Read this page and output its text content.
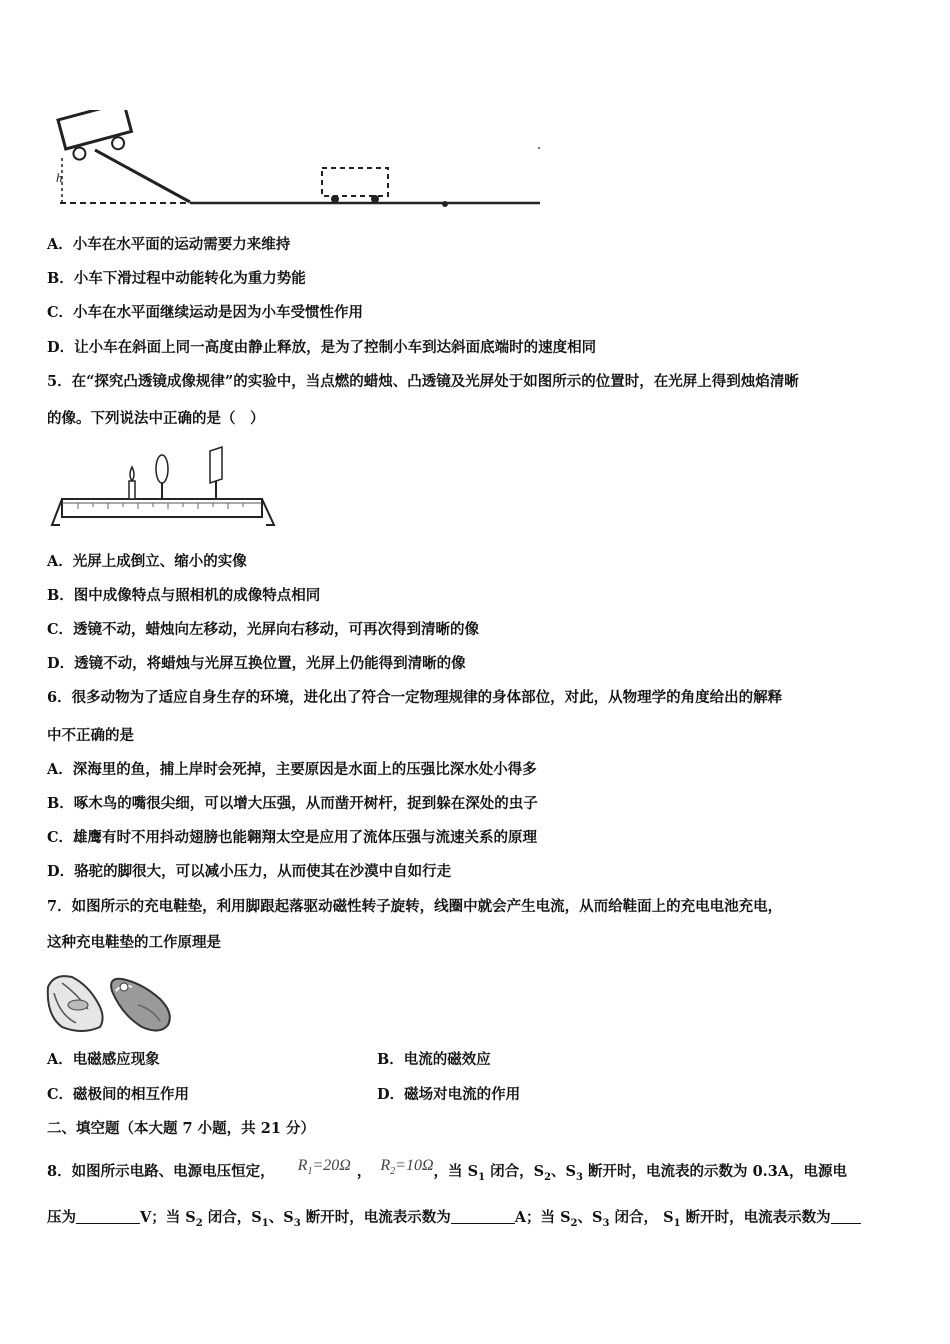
h
A．小车在水平面的运动需要力来维持
B．小车下滑过程中动能转化为重力势能
C．小车在水平面继续运动是因为小车受惯性作用
D．让小车在斜面上同一高度由静止释放，是为了控制小车到达斜面底端时的速度相同
5．在“探究凸透镜成像规律”的实验中，当点燃的蜡烛、凸透镜及光屏处于如图所示的位置时，在光屏上得到烛焰清晰
的像。下列说法中正确的是（　）
A．光屏上成倒立、缩小的实像
B．图中成像特点与照相机的成像特点相同
C．透镜不动，蜡烛向左移动，光屏向右移动，可再次得到清晰的像
D．透镜不动，将蜡烛与光屏互换位置，光屏上仍能得到清晰的像
6．很多动物为了适应自身生存的环境，进化出了符合一定物理规律的身体部位，对此，从物理学的角度给出的解释
中不正确的是
A．深海里的鱼，捕上岸时会死掉，主要原因是水面上的压强比深水处小得多
B．啄木鸟的嘴很尖细，可以增大压强，从而凿开树杆，捉到躲在深处的虫子
C．雄鹰有时不用抖动翅膀也能翱翔太空是应用了流体压强与流速关系的原理
D．骆驼的脚很大，可以减小压力，从而使其在沙漠中自如行走
7．如图所示的充电鞋垫，利用脚跟起落驱动磁性转子旋转，线圈中就会产生电流，从而给鞋面上的充电电池充电，
这种充电鞋垫的工作原理是
A．电磁感应现象	B．电流的磁效应
C．磁极间的相互作用	D．磁场对电流的作用
二、填空题（本大题 7 小题，共 21 分）
8．如图所示电路、电源电压恒定， $R_1=20\Omega$ ， $R_2=10\Omega$，当 $S_1$ 闭合，$S_2$、$S_3$ 断开时，电流表的示数为 0.3A，电源电
压为	V；当 $S_2$ 闭合，$S_1$、$S_3$ 断开时，电流表示数为	A；当 $S_2$、$S_3$ 闭合， $S_1$ 断开时，电流表示数为
